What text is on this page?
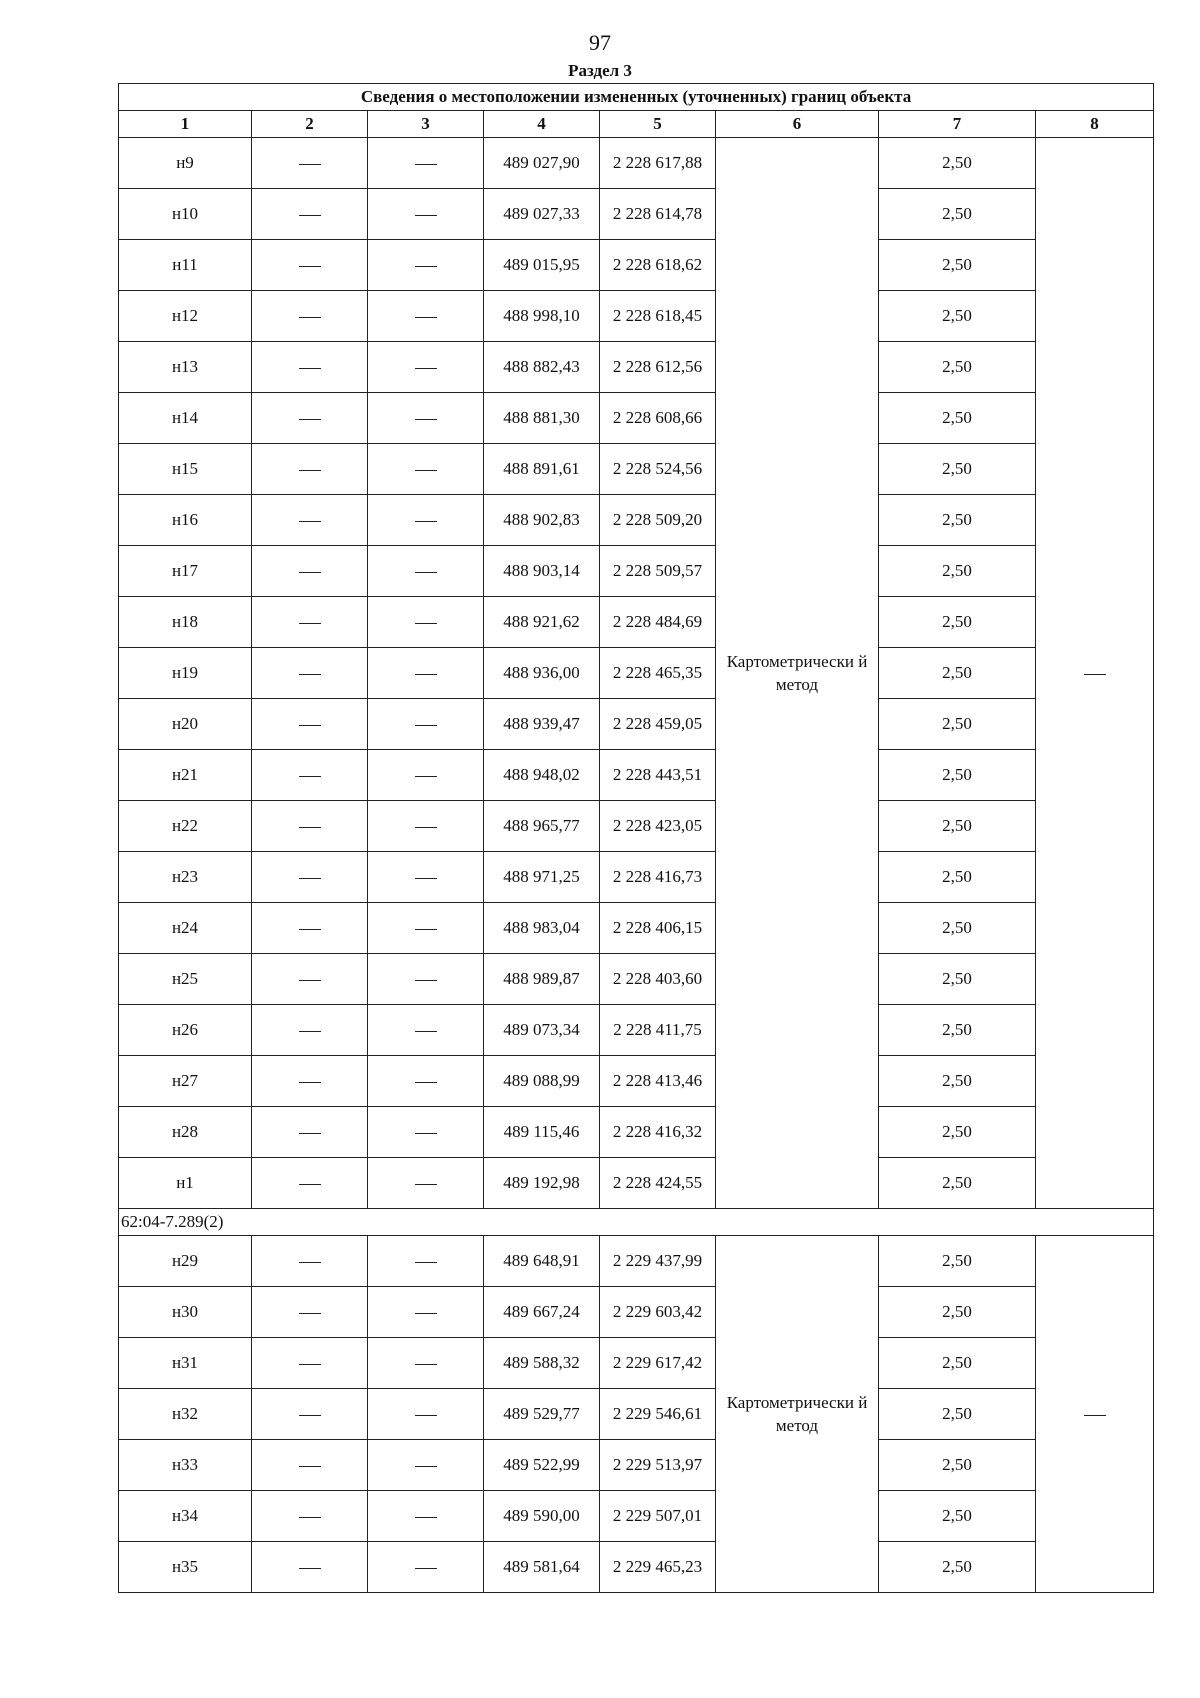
97
Раздел 3
Сведения о местоположении измененных (уточненных) границ объекта							
1	2	3	4	5	6	7	8
н9			489 027,90	2 228 617,88	Картометрически й метод	2,50	
н10			489 027,33	2 228 614,78		2,50	
н11			489 015,95	2 228 618,62		2,50	
н12			488 998,10	2 228 618,45		2,50	
н13			488 882,43	2 228 612,56		2,50	
н14			488 881,30	2 228 608,66		2,50	
н15			488 891,61	2 228 524,56		2,50	
н16			488 902,83	2 228 509,20		2,50	
н17			488 903,14	2 228 509,57		2,50	
н18			488 921,62	2 228 484,69		2,50	
н19			488 936,00	2 228 465,35		2,50	
н20			488 939,47	2 228 459,05		2,50	
н21			488 948,02	2 228 443,51		2,50	
н22			488 965,77	2 228 423,05		2,50	
н23			488 971,25	2 228 416,73		2,50	
н24			488 983,04	2 228 406,15		2,50	
н25			488 989,87	2 228 403,60		2,50	
н26			489 073,34	2 228 411,75		2,50	
н27			489 088,99	2 228 413,46		2,50	
н28			489 115,46	2 228 416,32		2,50	
н1			489 192,98	2 228 424,55		2,50	
62:04-7.289(2)							
н29			489 648,91	2 229 437,99	Картометрически й метод	2,50	
н30			489 667,24	2 229 603,42		2,50	
н31			489 588,32	2 229 617,42		2,50	
н32			489 529,77	2 229 546,61		2,50	
н33			489 522,99	2 229 513,97		2,50	
н34			489 590,00	2 229 507,01		2,50	
н35			489 581,64	2 229 465,23		2,50	
